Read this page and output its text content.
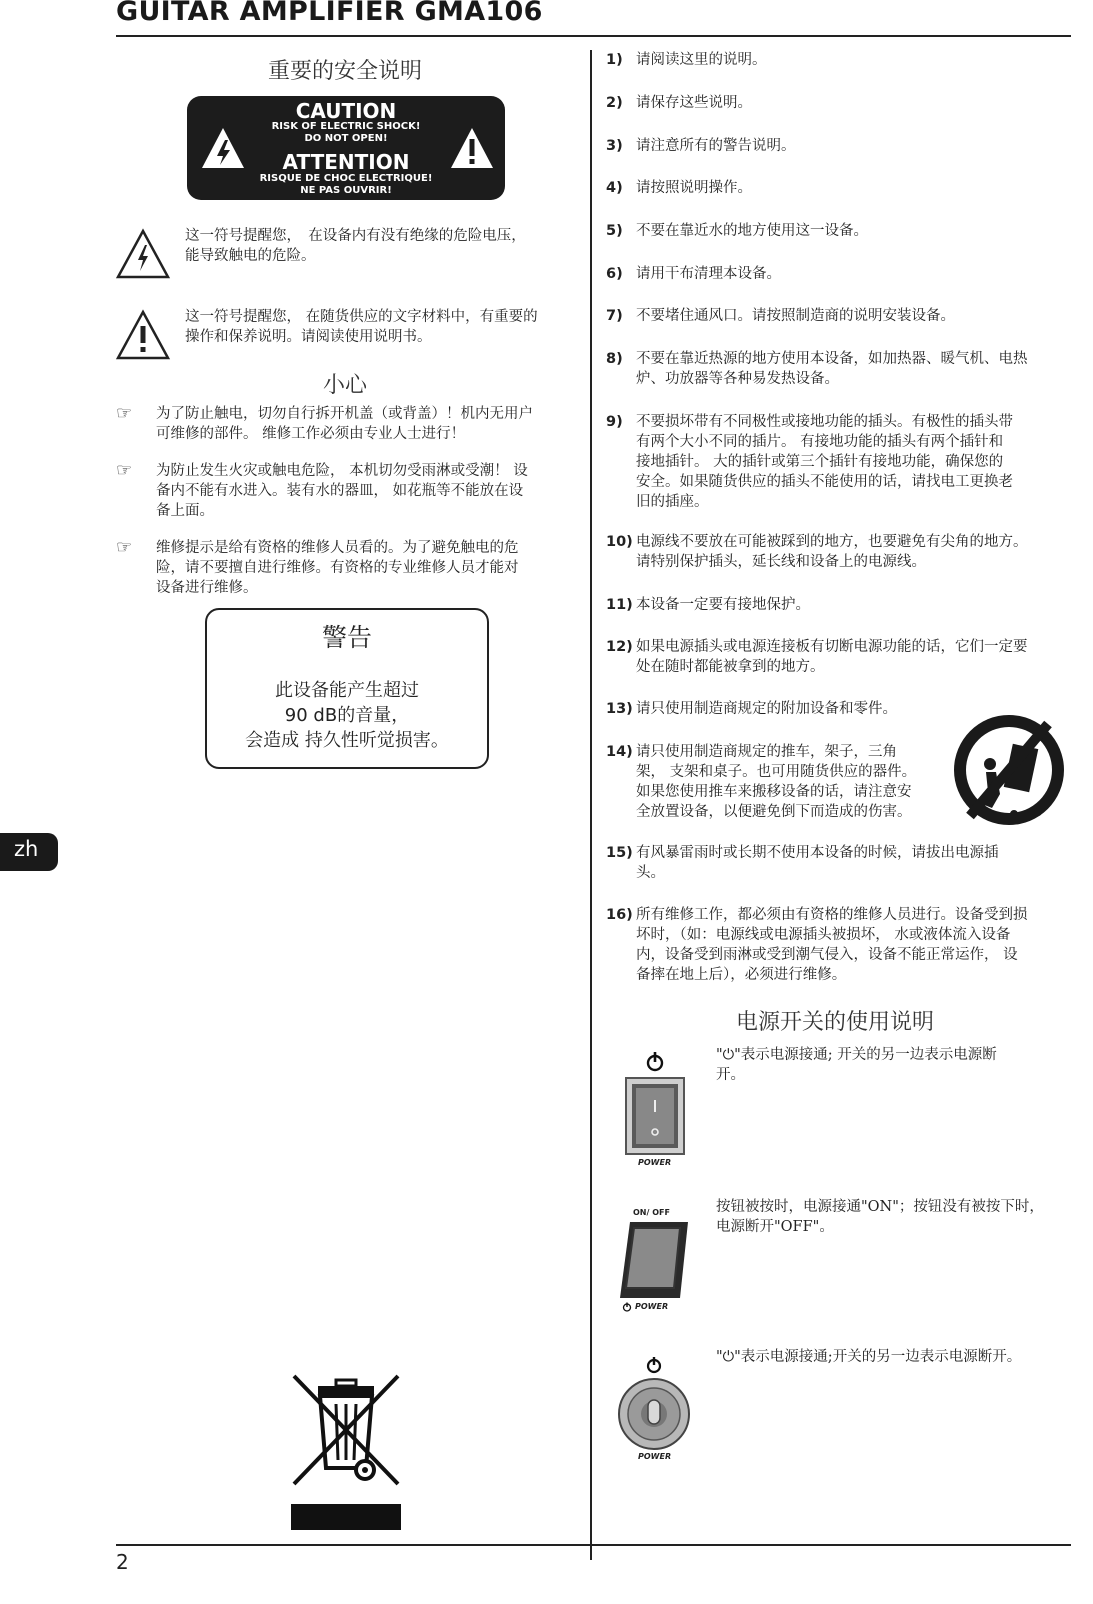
GUITAR AMPLIFIER GMA106
2
zh
重要的安全说明
CAUTION
RISK OF ELECTRIC SHOCK!
DO NOT OPEN!
ATTENTION
RISQUE DE CHOC ELECTRIQUE!
NE PAS OUVRIR!
这一符号提醒您，　在设备内有没有绝缘的危险电压，
能导致触电的危险。
这一符号提醒您， 在随货供应的文字材料中，有重要的
操作和保养说明。请阅读使用说明书。
小心
☞ 为了防止触电，切勿自行拆开机盖（或背盖）！机内无用户
可维修的部件。 维修工作必须由专业人士进行！
☞ 为防止发生火灾或触电危险， 本机切勿受雨淋或受潮！ 设
备内不能有水进入。装有水的器皿， 如花瓶等不能放在设
备上面。
☞ 维修提示是给有资格的维修人员看的。为了避免触电的危
险，请不要擅自进行维修。有资格的专业维修人员才能对
设备进行维修。
警告
此设备能产生超过
90 dB的音量，
会造成 持久性听觉损害。
1) 请阅读这里的说明。
2) 请保存这些说明。
3) 请注意所有的警告说明。
4) 请按照说明操作。
5) 不要在靠近水的地方使用这一设备。
6) 请用干布清理本设备。
7) 不要堵住通风口。请按照制造商的说明安装设备。
8) 不要在靠近热源的地方使用本设备，如加热器、暖气机、电热
炉、功放器等各种易发热设备。
9) 不要损坏带有不同极性或接地功能的插头。有极性的插头带
有两个大小不同的插片。 有接地功能的插头有两个插针和
接地插针。 大的插针或第三个插针有接地功能，确保您的
安全。如果随货供应的插头不能使用的话，请找电工更换老
旧的插座。
10) 电源线不要放在可能被踩到的地方，也要避免有尖角的地方。
请特别保护插头，延长线和设备上的电源线。
11) 本设备一定要有接地保护。
12) 如果电源插头或电源连接板有切断电源功能的话，它们一定要
处在随时都能被拿到的地方。
13) 请只使用制造商规定的附加设备和零件。
14) 请只使用制造商规定的推车，架子，三角
架， 支架和桌子。也可用随货供应的器件。
如果您使用推车来搬移设备的话，请注意安
全放置设备，以便避免倒下而造成的伤害。
15) 有风暴雷雨时或长期不使用本设备的时候，请拔出电源插
头。
16) 所有维修工作，都必须由有资格的维修人员进行。设备受到损
坏时，（如：电源线或电源插头被损坏， 水或液体流入设备
内，设备受到雨淋或受到潮气侵入，设备不能正常运作， 设
备摔在地上后），必须进行维修。
电源开关的使用说明
POWER
"⏻"表示电源接通; 开关的另一边表示电源断
开。
ON/ OFF
POWER
按钮被按时，电源接通"ON"；按钮没有被按下时，
电源断开"OFF"。
POWER
"⏻"表示电源接通;开关的另一边表示电源断开。
